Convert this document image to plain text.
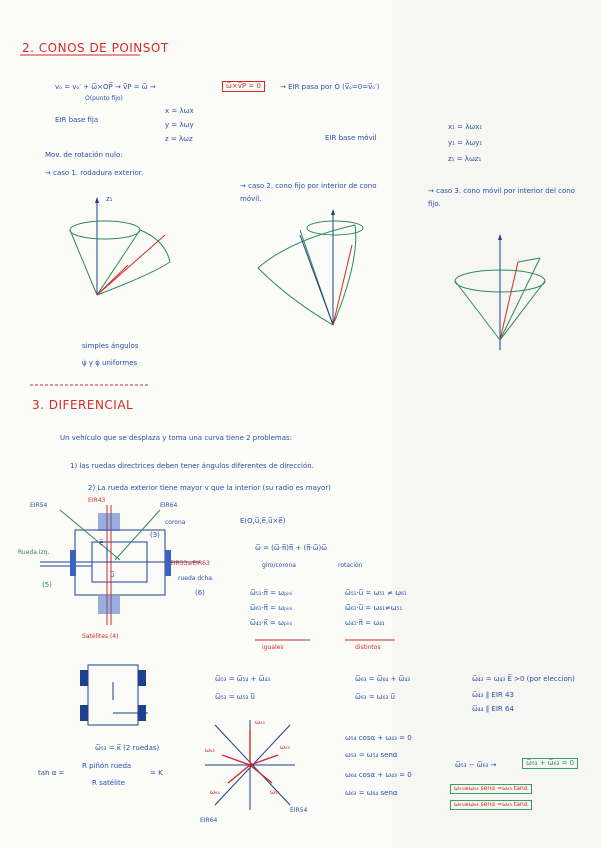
2. CONOS DE POINSOT
vₒ = vₒ′ + ω̅×OP̅ → v̅P = ω̅ →	ω̅×v̅P = 0	→ EIR pasa por O (v̅ₒ=0=v̅ₒ′)
O(punto fijo)
EIR base fija
x = λωx
y = λωy
z = λωz	EIR base móvil
x₁ = λωx₁
y₁ = λωy₁
z₁ = λωz₁
Mov. de rotación nulo:
→ caso 1. rodadura exterior.
→ caso 2. cono fijo por interior de cono móvil.
→ caso 3. cono móvil por interior del cono fijo.
z₁
simples ángulos
ψ̇ y φ̇ uniformes
3. DIFERENCIAL
Un vehículo que se desplaza y toma una curva tiene 2 problemas:
1) las ruedas directrices deben tener ángulos diferentes de dirección.
2) La rueda exterior tiene mayor v que la interior (su radio es mayor)
EIR54
EIR43
EIR64
corona
EIR53≡EIR63
Rueda izq.
rueda dcha.
Satélites (4)
(3)
(5)
(6)
e̅
u̅
E(O,u̅,e̅,u̅×e̅)
ω̅ = (ω̅·π̅)π̅ + (π̅·ω̅)ω̅
giro/corona	rotación
ω̅₅₁·π̅ = ωₚᵢₙᵢ
ω̅₆₁·π̅ = ωₚᵢₙᵢ
ω̅₄₁·κ̅ = ωₚᵢₙᵢ
iguales
ω̅₅₁·u̅ = ω₅₁ ≠ ω₆₁
ω̅₆₁·u̅ = ω₆₁≠ω₅₁
ω₄₁·π̅ = ω₄₁
distintos
ω̅₅₃ = ω̅₅₄ + ω̅₄₃
ω̅₅₃ = ω₅₃ u̅
ω̅₆₃ = ω̅₆₄ + ω̅₄₃
ω̅₆₃ = ω₆₃ u̅
ω̅₄₃ = ω₄₃ E̅ >0 (por eleccion)
ω̅₄₃ ∥ EIR 43
ω̅₄₄ ∥ EIR 64
ω̅₅₃ = κ̅ (2 ruedas)
tan α =
R piñón rueda
R satélite
= K
ω₄₃
ω₅₃
ω₆₃
ω₅₄
ω₆₄
EIR54
EIR64
ω₅₄ cosα + ω₄₃ = 0
ω₅₃ = ω₅₄ senα
ω₆₄ cosα + ω₄₃ = 0
ω₆₃ = ω₆₄ senα
ω̅₅₃ − ω̅₆₃ →	ω̅₅₃ + ω̅₆₃ = 0
ω₅₃≡ω₅₄ senα =ω₄₃ tanα
ω₆₃≡ω₆₄ senα =ω₄₃ tanα
